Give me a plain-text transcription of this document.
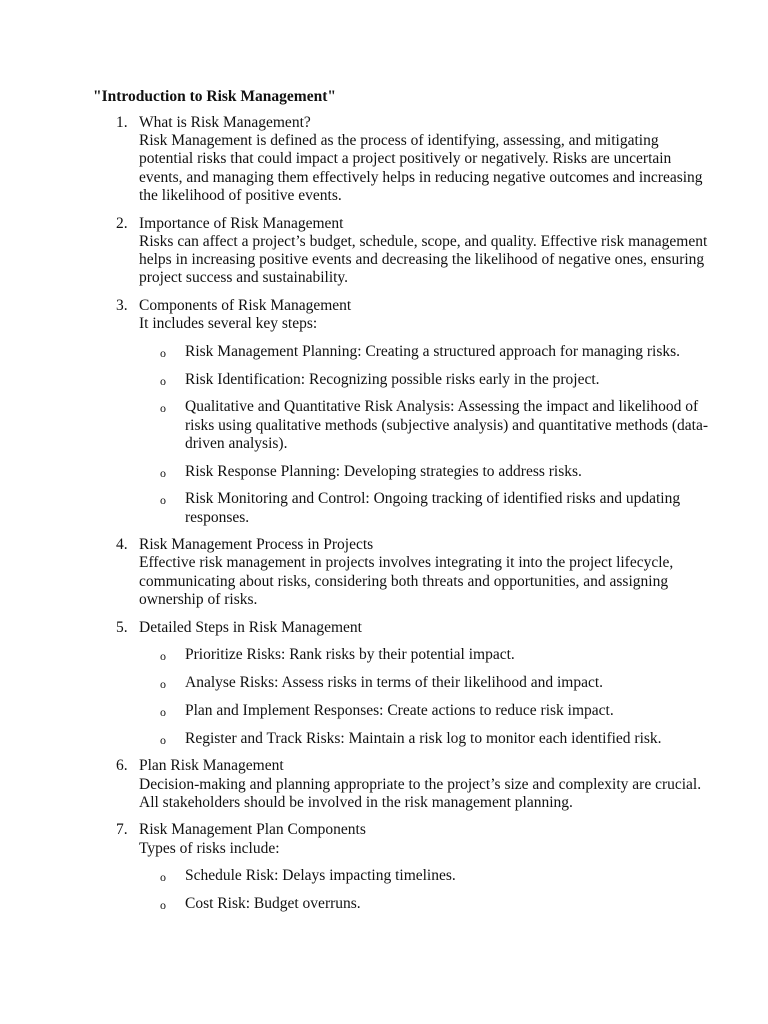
"Introduction to Risk Management"
1. What is Risk Management?
Risk Management is defined as the process of identifying, assessing, and mitigating potential risks that could impact a project positively or negatively. Risks are uncertain events, and managing them effectively helps in reducing negative outcomes and increasing the likelihood of positive events.
2. Importance of Risk Management
Risks can affect a project’s budget, schedule, scope, and quality. Effective risk management helps in increasing positive events and decreasing the likelihood of negative ones, ensuring project success and sustainability.
3. Components of Risk Management
It includes several key steps:
o Risk Management Planning: Creating a structured approach for managing risks.
o Risk Identification: Recognizing possible risks early in the project.
o Qualitative and Quantitative Risk Analysis: Assessing the impact and likelihood of risks using qualitative methods (subjective analysis) and quantitative methods (data-driven analysis).
o Risk Response Planning: Developing strategies to address risks.
o Risk Monitoring and Control: Ongoing tracking of identified risks and updating responses.
4. Risk Management Process in Projects
Effective risk management in projects involves integrating it into the project lifecycle, communicating about risks, considering both threats and opportunities, and assigning ownership of risks.
5. Detailed Steps in Risk Management
o Prioritize Risks: Rank risks by their potential impact.
o Analyse Risks: Assess risks in terms of their likelihood and impact.
o Plan and Implement Responses: Create actions to reduce risk impact.
o Register and Track Risks: Maintain a risk log to monitor each identified risk.
6. Plan Risk Management
Decision-making and planning appropriate to the project’s size and complexity are crucial. All stakeholders should be involved in the risk management planning.
7. Risk Management Plan Components
Types of risks include:
o Schedule Risk: Delays impacting timelines.
o Cost Risk: Budget overruns.
